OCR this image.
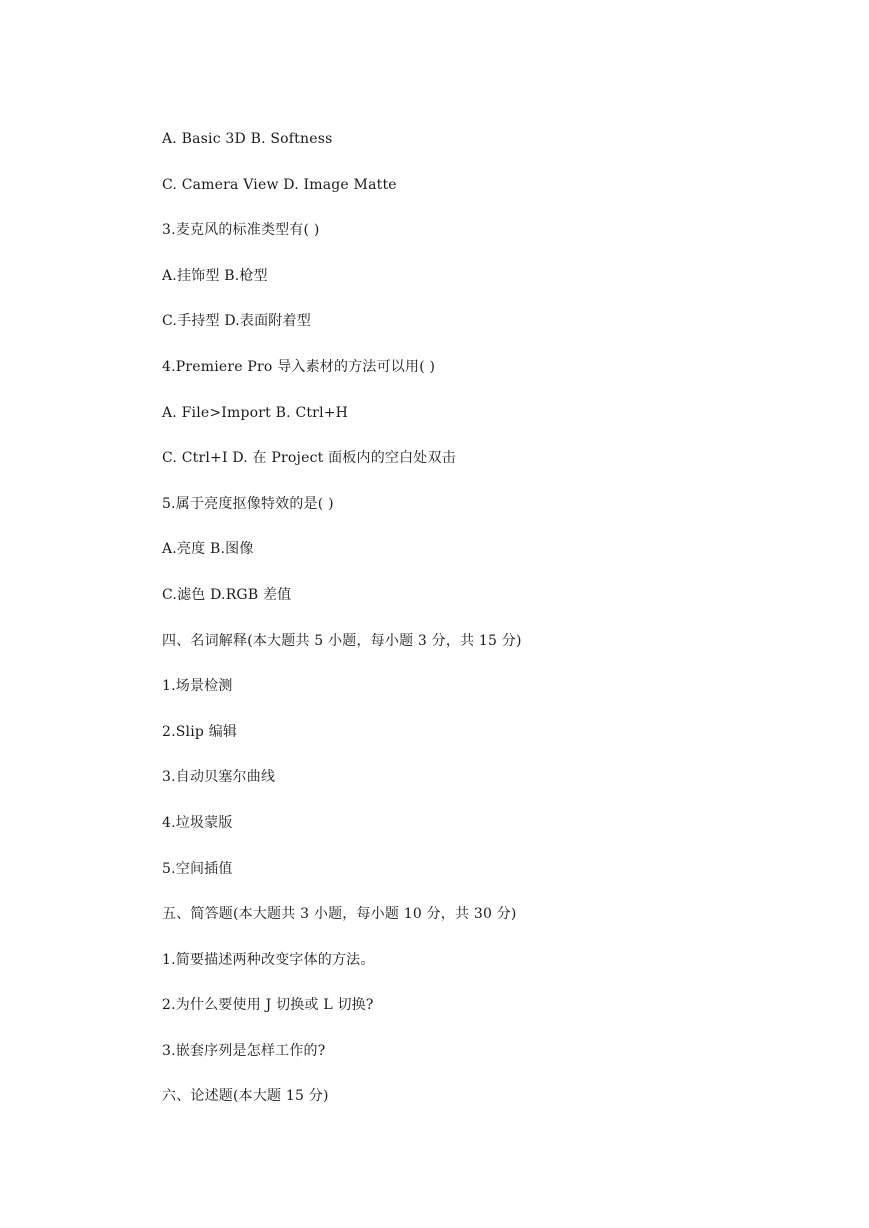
A. Basic 3D B. Softness
C. Camera View D. Image Matte
3.麦克风的标准类型有( )
A.挂饰型 B.枪型
C.手持型 D.表面附着型
4.Premiere Pro 导入素材的方法可以用( )
A. File>Import B. Ctrl+H
C. Ctrl+I D. 在 Project 面板内的空白处双击
5.属于亮度抠像特效的是( )
A.亮度 B.图像
C.滤色 D.RGB 差值
四、名词解释(本大题共 5 小题，每小题 3 分，共 15 分)
1.场景检测
2.Slip 编辑
3.自动贝塞尔曲线
4.垃圾蒙版
5.空间插值
五、简答题(本大题共 3 小题，每小题 10 分，共 30 分)
1.简要描述两种改变字体的方法。
2.为什么要使用 J 切换或 L 切换?
3.嵌套序列是怎样工作的?
六、论述题(本大题 15 分)
